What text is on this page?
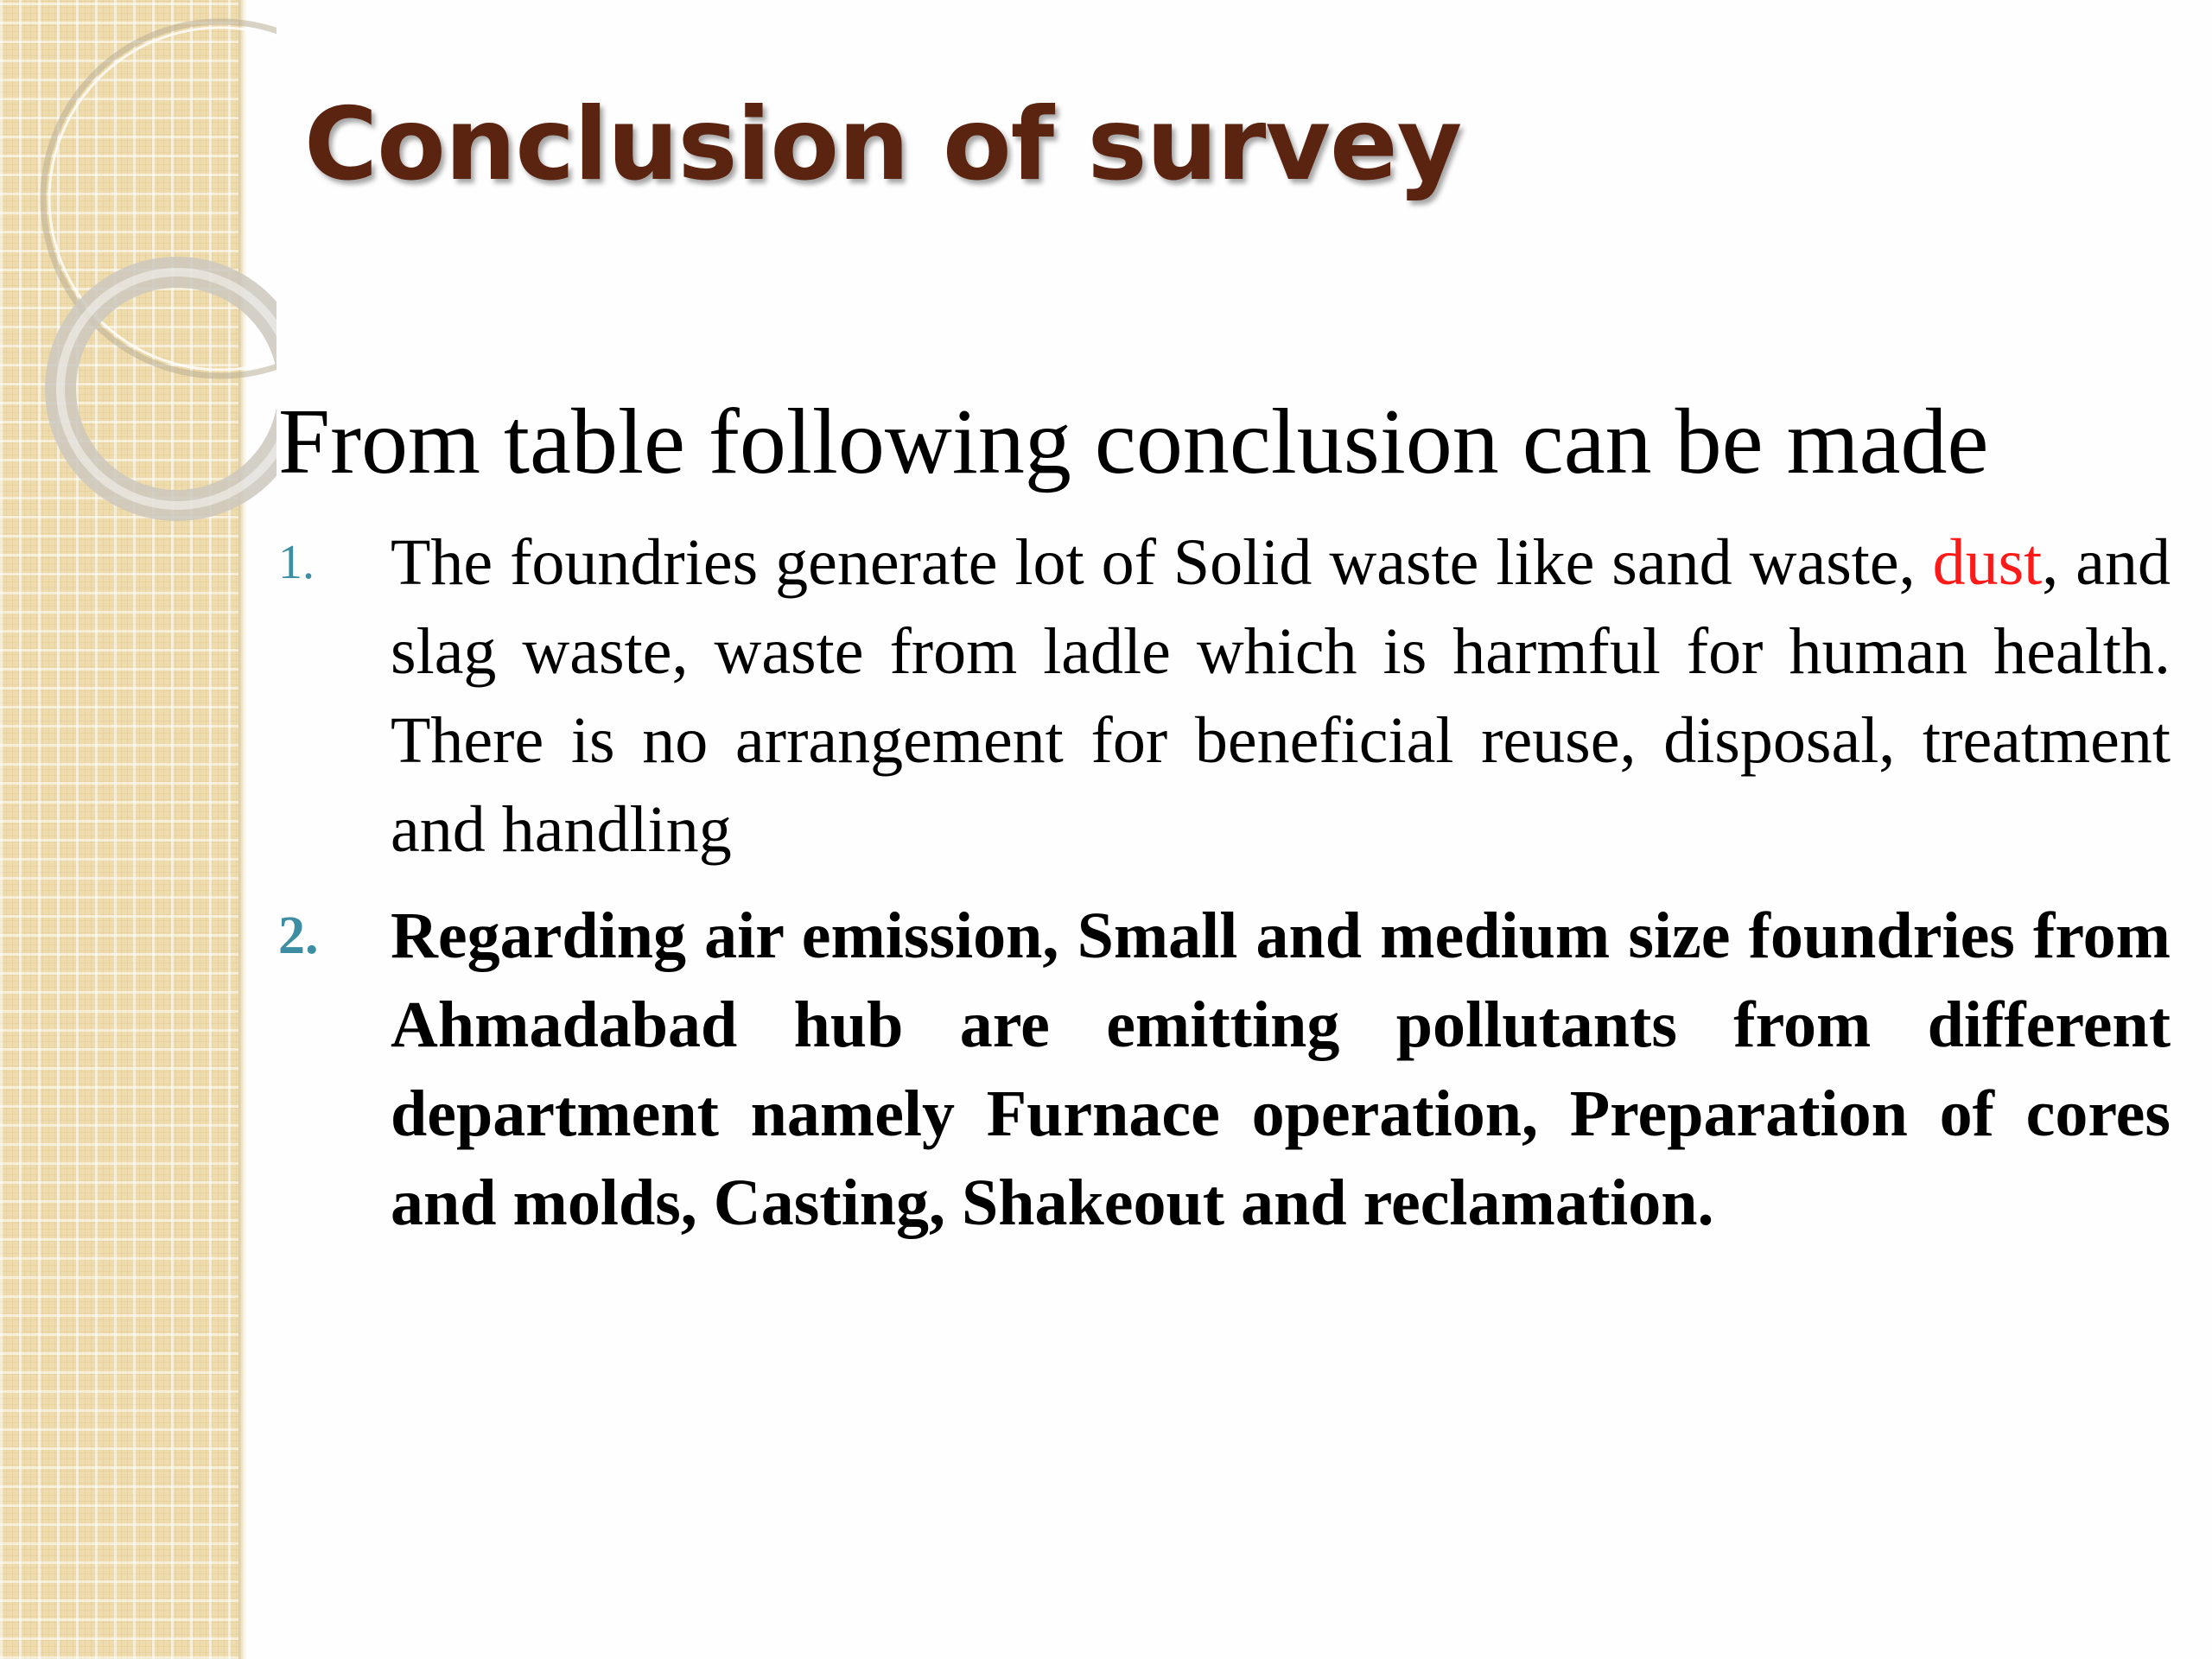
Conclusion of survey

From table following conclusion can be made

1. The foundries generate lot of Solid waste like sand waste, dust, and slag waste, waste from ladle which is harmful for human health. There is no arrangement for beneficial reuse, disposal, treatment and handling
2. Regarding air emission, Small and medium size foundries from Ahmadabad hub are emitting pollutants from different department namely Furnace operation, Preparation of cores and molds, Casting, Shakeout and reclamation.
